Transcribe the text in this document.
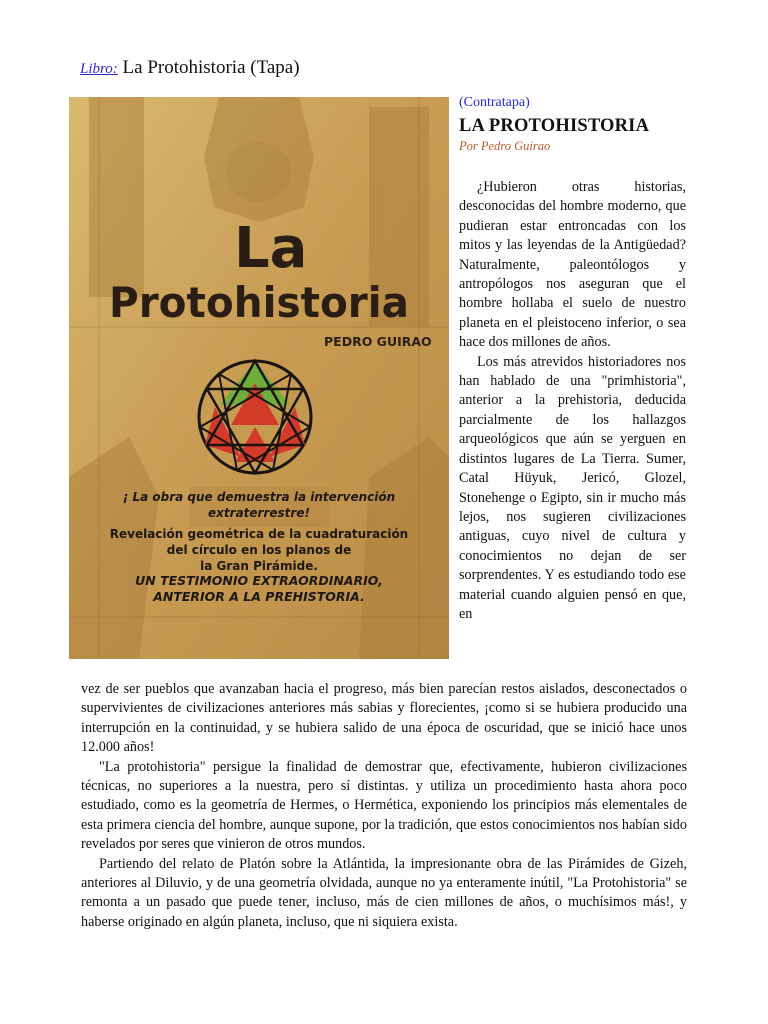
Libro: La Protohistoria (Tapa)
La
Protohistoria
PEDRO GUIRAO
¡ La obra que demuestra la intervención
extraterrestre!
Revelación geométrica de la cuadraturación
del círculo en los planos de
la Gran Pirámide.
UN TESTIMONIO EXTRAORDINARIO,
ANTERIOR A LA PREHISTORIA.
(Contratapa)
LA PROTOHISTORIA
Por Pedro Guirao

¿Hubieron otras historias, desconocidas del hombre moderno, que pudieran estar entroncadas con los mitos y las leyendas de la Antigüedad? Naturalmente, paleontólogos y antropólogos nos aseguran que el hombre hollaba el suelo de nuestro planeta en el pleistoceno inferior, o sea hace dos millones de años.

Los más atrevidos historiadores nos han hablado de una "primhistoria", anterior a la prehistoria, deducida parcialmente de los hallazgos arqueológicos que aún se yerguen en distintos lugares de La Tierra. Sumer, Catal Hüyuk, Jericó, Glozel, Stonehenge o Egipto, sin ir mucho más lejos, nos sugieren civilizaciones antiguas, cuyo nivel de cultura y conocimientos no dejan de ser sorprendentes. Y es estudiando todo ese material cuando alguien pensó en que, en

vez de ser pueblos que avanzaban hacia el progreso, más bien parecían restos aislados, desconectados o supervivientes de civilizaciones anteriores más sabias y florecientes, ¡como si se hubiera producido una interrupción en la continuidad, y se hubiera salido de una época de oscuridad, que se inició hace unos 12.000 años!

"La protohistoria" persigue la finalidad de demostrar que, efectivamente, hubieron civilizaciones técnicas, no superiores a la nuestra, pero sí distintas. y utiliza un procedimiento hasta ahora poco estudiado, como es la geometría de Hermes, o Hermética, exponiendo los principios más elementales de esta primera ciencia del hombre, aunque supone, por la tradición, que estos conocimientos nos habían sido revelados por seres que vinieron de otros mundos.

Partiendo del relato de Platón sobre la Atlántida, la impresionante obra de las Pirámides de Gizeh, anteriores al Diluvio, y de una geometría olvidada, aunque no ya enteramente inútil, "La Protohistoria" se remonta a un pasado que puede tener, incluso, más de cien millones de años, o muchísimos más!, y haberse originado en algún planeta, incluso, que ni siquiera exista.
